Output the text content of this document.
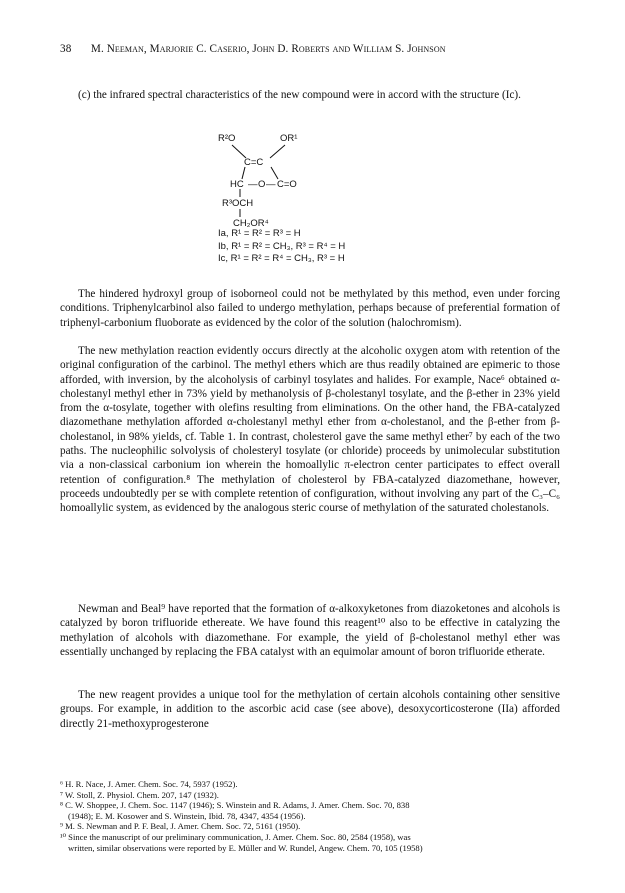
38 M. Neeman, Marjorie C. Caserio, John D. Roberts and William S. Johnson

(c) the infrared spectral characteristics of the new compound were in accord with the structure (Ic).

R²O	OR¹
C=C
HC — O — C=O
R³OCH
CH₂OR⁴
Ia, R¹ = R² = R³ = H
Ib, R¹ = R² = CH₃, R³ = R⁴ = H
Ic, R¹ = R² = R⁴ = CH₃, R³ = H

The hindered hydroxyl group of isoborneol could not be methylated by this method, even under forcing conditions. Triphenylcarbinol also failed to undergo methylation, perhaps because of preferential formation of triphenyl-carbonium fluoborate as evidenced by the color of the solution (halochromism).

The new methylation reaction evidently occurs directly at the alcoholic oxygen atom with retention of the original configuration of the carbinol. The methyl ethers which are thus readily obtained are epimeric to those afforded, with inversion, by the alcoholysis of carbinyl tosylates and halides. For example, Nace⁶ obtained α-cholestanyl methyl ether in 73% yield by methanolysis of β-cholestanyl tosylate, and the β-ether in 23% yield from the α-tosylate, together with olefins resulting from eliminations. On the other hand, the FBA-catalyzed diazomethane methylation afforded α-cholestanyl methyl ether from α-cholestanol, and the β-ether from β-cholestanol, in 98% yields, cf. Table 1. In contrast, cholesterol gave the same methyl ether⁷ by each of the two paths. The nucleophilic solvolysis of cholesteryl tosylate (or chloride) proceeds by unimolecular substitution via a non-classical carbonium ion wherein the homoallylic π-electron center participates to effect overall retention of configuration.⁸ The methylation of cholesterol by FBA-catalyzed diazomethane, however, proceeds undoubtedly per se with complete retention of configuration, without involving any part of the C₃–C₆ homoallylic system, as evidenced by the analogous steric course of methylation of the saturated cholestanols.

Newman and Beal⁹ have reported that the formation of α-alkoxyketones from diazoketones and alcohols is catalyzed by boron trifluoride ethereate. We have found this reagent¹⁰ also to be effective in catalyzing the methylation of alcohols with diazomethane. For example, the yield of β-cholestanol methyl ether was essentially unchanged by replacing the FBA catalyst with an equimolar amount of boron trifluoride etherate.

The new reagent provides a unique tool for the methylation of certain alcohols containing other sensitive groups. For example, in addition to the ascorbic acid case (see above), desoxycorticosterone (IIa) afforded directly 21-methoxyprogesterone

⁶ H. R. Nace, J. Amer. Chem. Soc. 74, 5937 (1952).
⁷ W. Stoll, Z. Physiol. Chem. 207, 147 (1932).
⁸ C. W. Shoppee, J. Chem. Soc. 1147 (1946); S. Winstein and R. Adams, J. Amer. Chem. Soc. 70, 838
(1948); E. M. Kosower and S. Winstein, Ibid. 78, 4347, 4354 (1956).
⁹ M. S. Newman and P. F. Beal, J. Amer. Chem. Soc. 72, 5161 (1950).
¹⁰ Since the manuscript of our preliminary communication, J. Amer. Chem. Soc. 80, 2584 (1958), was
written, similar observations were reported by E. Müller and W. Rundel, Angew. Chem. 70, 105 (1958)
